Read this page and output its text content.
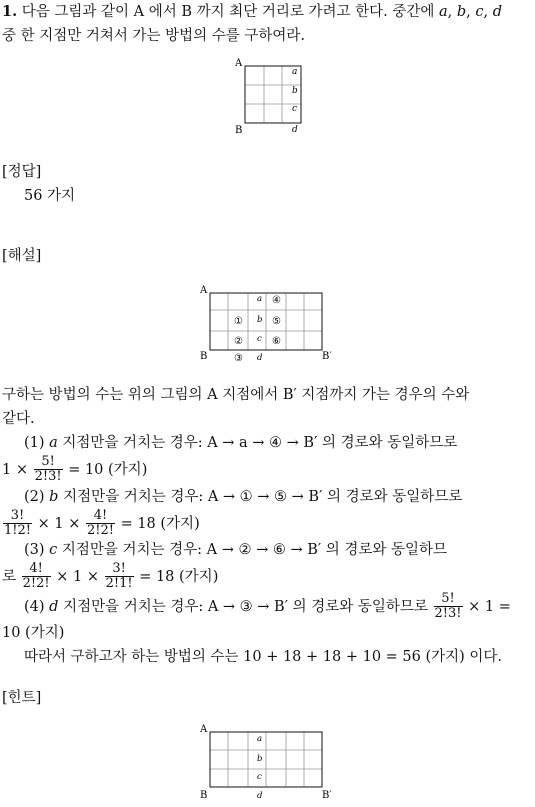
1. 다음 그림과 같이 A 에서 B 까지 최단 거리로 가려고 한다. 중간에 a, b, c, d

중 한 지점만 거쳐서 가는 방법의 수를 구하여라.

A
B
a
b
c
d

[정답]

56 가지

[해설]

A
B	B′
a
b
c
d
④
①	⑤
②	⑥
③

구하는 방법의 수는 위의 그림의 A 지점에서 B′ 지점까지 가는 경우의 수와

같다.

(1) a 지점만을 거치는 경우: A → a → ④ → B′ 의 경로와 동일하므로

$1 \times \frac{5!}{2!3!} = 10$ (가지)

(2) b 지점만을 거치는 경우: A → ① → ⑤ → B′ 의 경로와 동일하므로

$\frac{3!}{1!2!} \times 1 \times \frac{4!}{2!2!} = 18$ (가지)

(3) c 지점만을 거치는 경우: A → ② → ⑥ → B′ 의 경로와 동일하므

로 $\frac{4!}{2!2!} \times 1 \times \frac{3!}{2!1!} = 18$ (가지)

(4) d 지점만을 거치는 경우: A → ③ → B′ 의 경로와 동일하므로 $\frac{5!}{2!3!} \times 1$ =

10 (가지)

따라서 구하고자 하는 방법의 수는 10 + 18 + 18 + 10 = 56 (가지) 이다.

[힌트]

A
B	B′
a
b
c
d
